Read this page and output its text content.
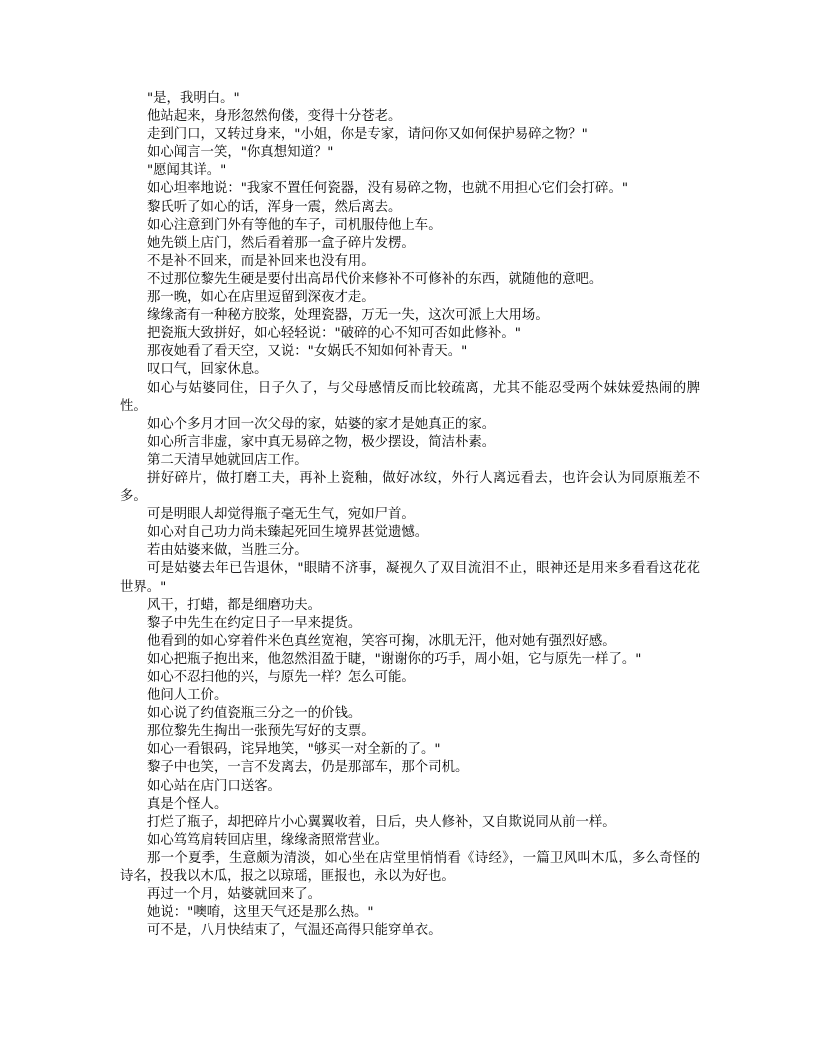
"是，我明白。"

他站起来，身形忽然佝偻，变得十分苍老。

走到门口，又转过身来，"小姐，你是专家，请问你又如何保护易碎之物？"

如心闻言一笑，"你真想知道？"

"愿闻其详。"

如心坦率地说："我家不置任何瓷器，没有易碎之物，也就不用担心它们会打碎。"

黎氏听了如心的话，浑身一震，然后离去。

如心注意到门外有等他的车子，司机服侍他上车。

她先锁上店门，然后看着那一盒子碎片发楞。

不是补不回来，而是补回来也没有用。

不过那位黎先生硬是要付出高昂代价来修补不可修补的东西，就随他的意吧。

那一晚，如心在店里逗留到深夜才走。

缘缘斋有一种秘方胶浆，处理瓷器，万无一失，这次可派上大用场。

把瓷瓶大致拼好，如心轻轻说："破碎的心不知可否如此修补。"

那夜她看了看天空，又说："女娲氏不知如何补青天。"

叹口气，回家休息。

如心与姑婆同住，日子久了，与父母感情反而比较疏离，尤其不能忍受两个妹妹爱热闹的脾性。

如心个多月才回一次父母的家，姑婆的家才是她真正的家。

如心所言非虚，家中真无易碎之物，极少摆设，简洁朴素。

第二天清早她就回店工作。

拼好碎片，做打磨工夫，再补上瓷釉，做好冰纹，外行人离远看去，也许会认为同原瓶差不多。

可是明眼人却觉得瓶子毫无生气，宛如尸首。

如心对自己功力尚未臻起死回生境界甚觉遗憾。

若由姑婆来做，当胜三分。

可是姑婆去年已告退休，"眼睛不济事，凝视久了双目流泪不止，眼神还是用来多看看这花花世界。"

风干，打蜡，都是细磨功夫。

黎子中先生在约定日子一早来提货。

他看到的如心穿着件米色真丝宽袍，笑容可掬，冰肌无汗，他对她有强烈好感。

如心把瓶子抱出来，他忽然泪盈于睫，"谢谢你的巧手，周小姐，它与原先一样了。"

如心不忍扫他的兴，与原先一样？怎么可能。

他问人工价。

如心说了约值瓷瓶三分之一的价钱。

那位黎先生掏出一张预先写好的支票。

如心一看银码，诧异地笑，"够买一对全新的了。"

黎子中也笑，一言不发离去，仍是那部车，那个司机。

如心站在店门口送客。

真是个怪人。

打烂了瓶子，却把碎片小心翼翼收着，日后，央人修补，又自欺说同从前一样。

如心笃笃肩转回店里，缘缘斋照常营业。

那一个夏季，生意颇为清淡，如心坐在店堂里悄悄看《诗经》，一篇卫风叫木瓜，多么奇怪的诗名，投我以木瓜，报之以琼瑶，匪报也，永以为好也。

再过一个月，姑婆就回来了。

她说："噢唷，这里天气还是那么热。"

可不是，八月快结束了，气温还高得只能穿单衣。
